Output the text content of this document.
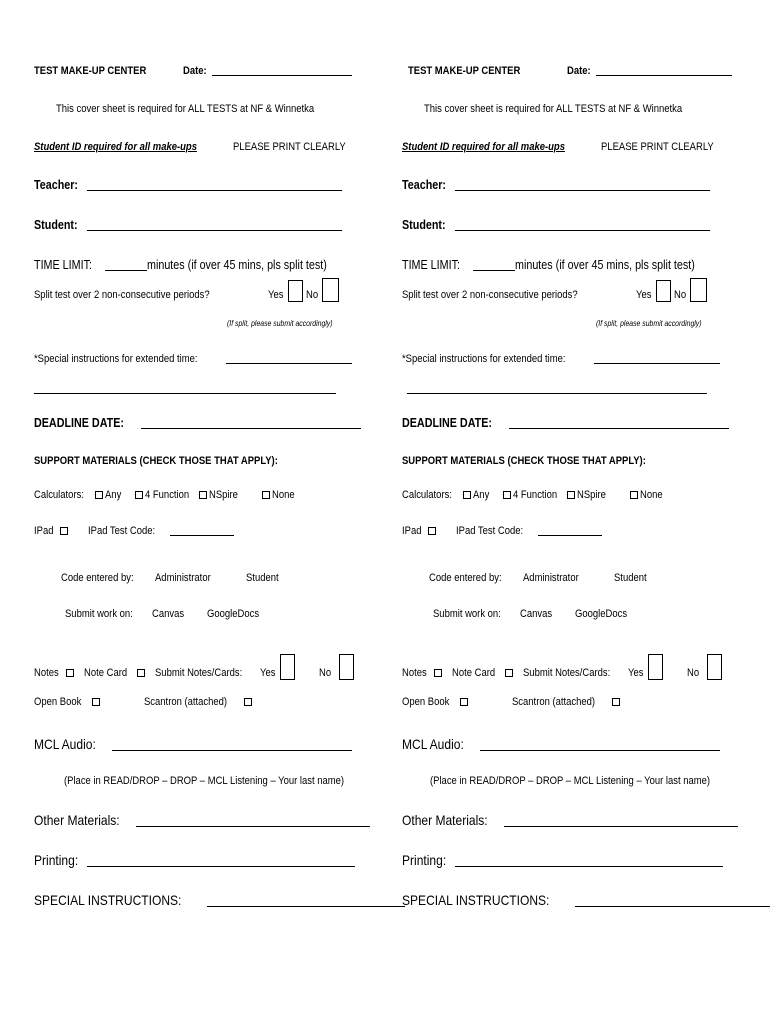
TEST MAKE-UP CENTER	Date:
This cover sheet is required for ALL TESTS at NF & Winnetka
Student ID required for all make-ups	PLEASE PRINT CLEARLY
Teacher:
Student:
TIME LIMIT:	minutes (if over 45 mins, pls split test)
Split test over 2 non-consecutive periods?	Yes No
(If split, please submit accordingly)
*Special instructions for extended time:
DEADLINE DATE:
SUPPORT MATERIALS (CHECK THOSE THAT APPLY):
Calculators: Any 4 Function NSpire	None
IPad	IPad Test Code:
Code entered by: Administrator	Student
Submit work on: Canvas GoogleDocs
Notes Note Card	Submit Notes/Cards: Yes	No
Open Book	Scantron (attached)
MCL Audio:
(Place in READ/DROP – DROP – MCL Listening – Your last name)
Other Materials:
Printing:
SPECIAL INSTRUCTIONS:
TEST MAKE-UP CENTER	Date:
This cover sheet is required for ALL TESTS at NF & Winnetka
Student ID required for all make-ups	PLEASE PRINT CLEARLY
Teacher:
Student:
TIME LIMIT:	minutes (if over 45 mins, pls split test)
Split test over 2 non-consecutive periods?	Yes No
(If split, please submit accordingly)
*Special instructions for extended time:
DEADLINE DATE:
SUPPORT MATERIALS (CHECK THOSE THAT APPLY):
Calculators: Any 4 Function NSpire	None
IPad	IPad Test Code:
Code entered by: Administrator	Student
Submit work on: Canvas GoogleDocs
Notes Note Card	Submit Notes/Cards: Yes	No
Open Book	Scantron (attached)
MCL Audio:
(Place in READ/DROP – DROP – MCL Listening – Your last name)
Other Materials:
Printing:
SPECIAL INSTRUCTIONS:
